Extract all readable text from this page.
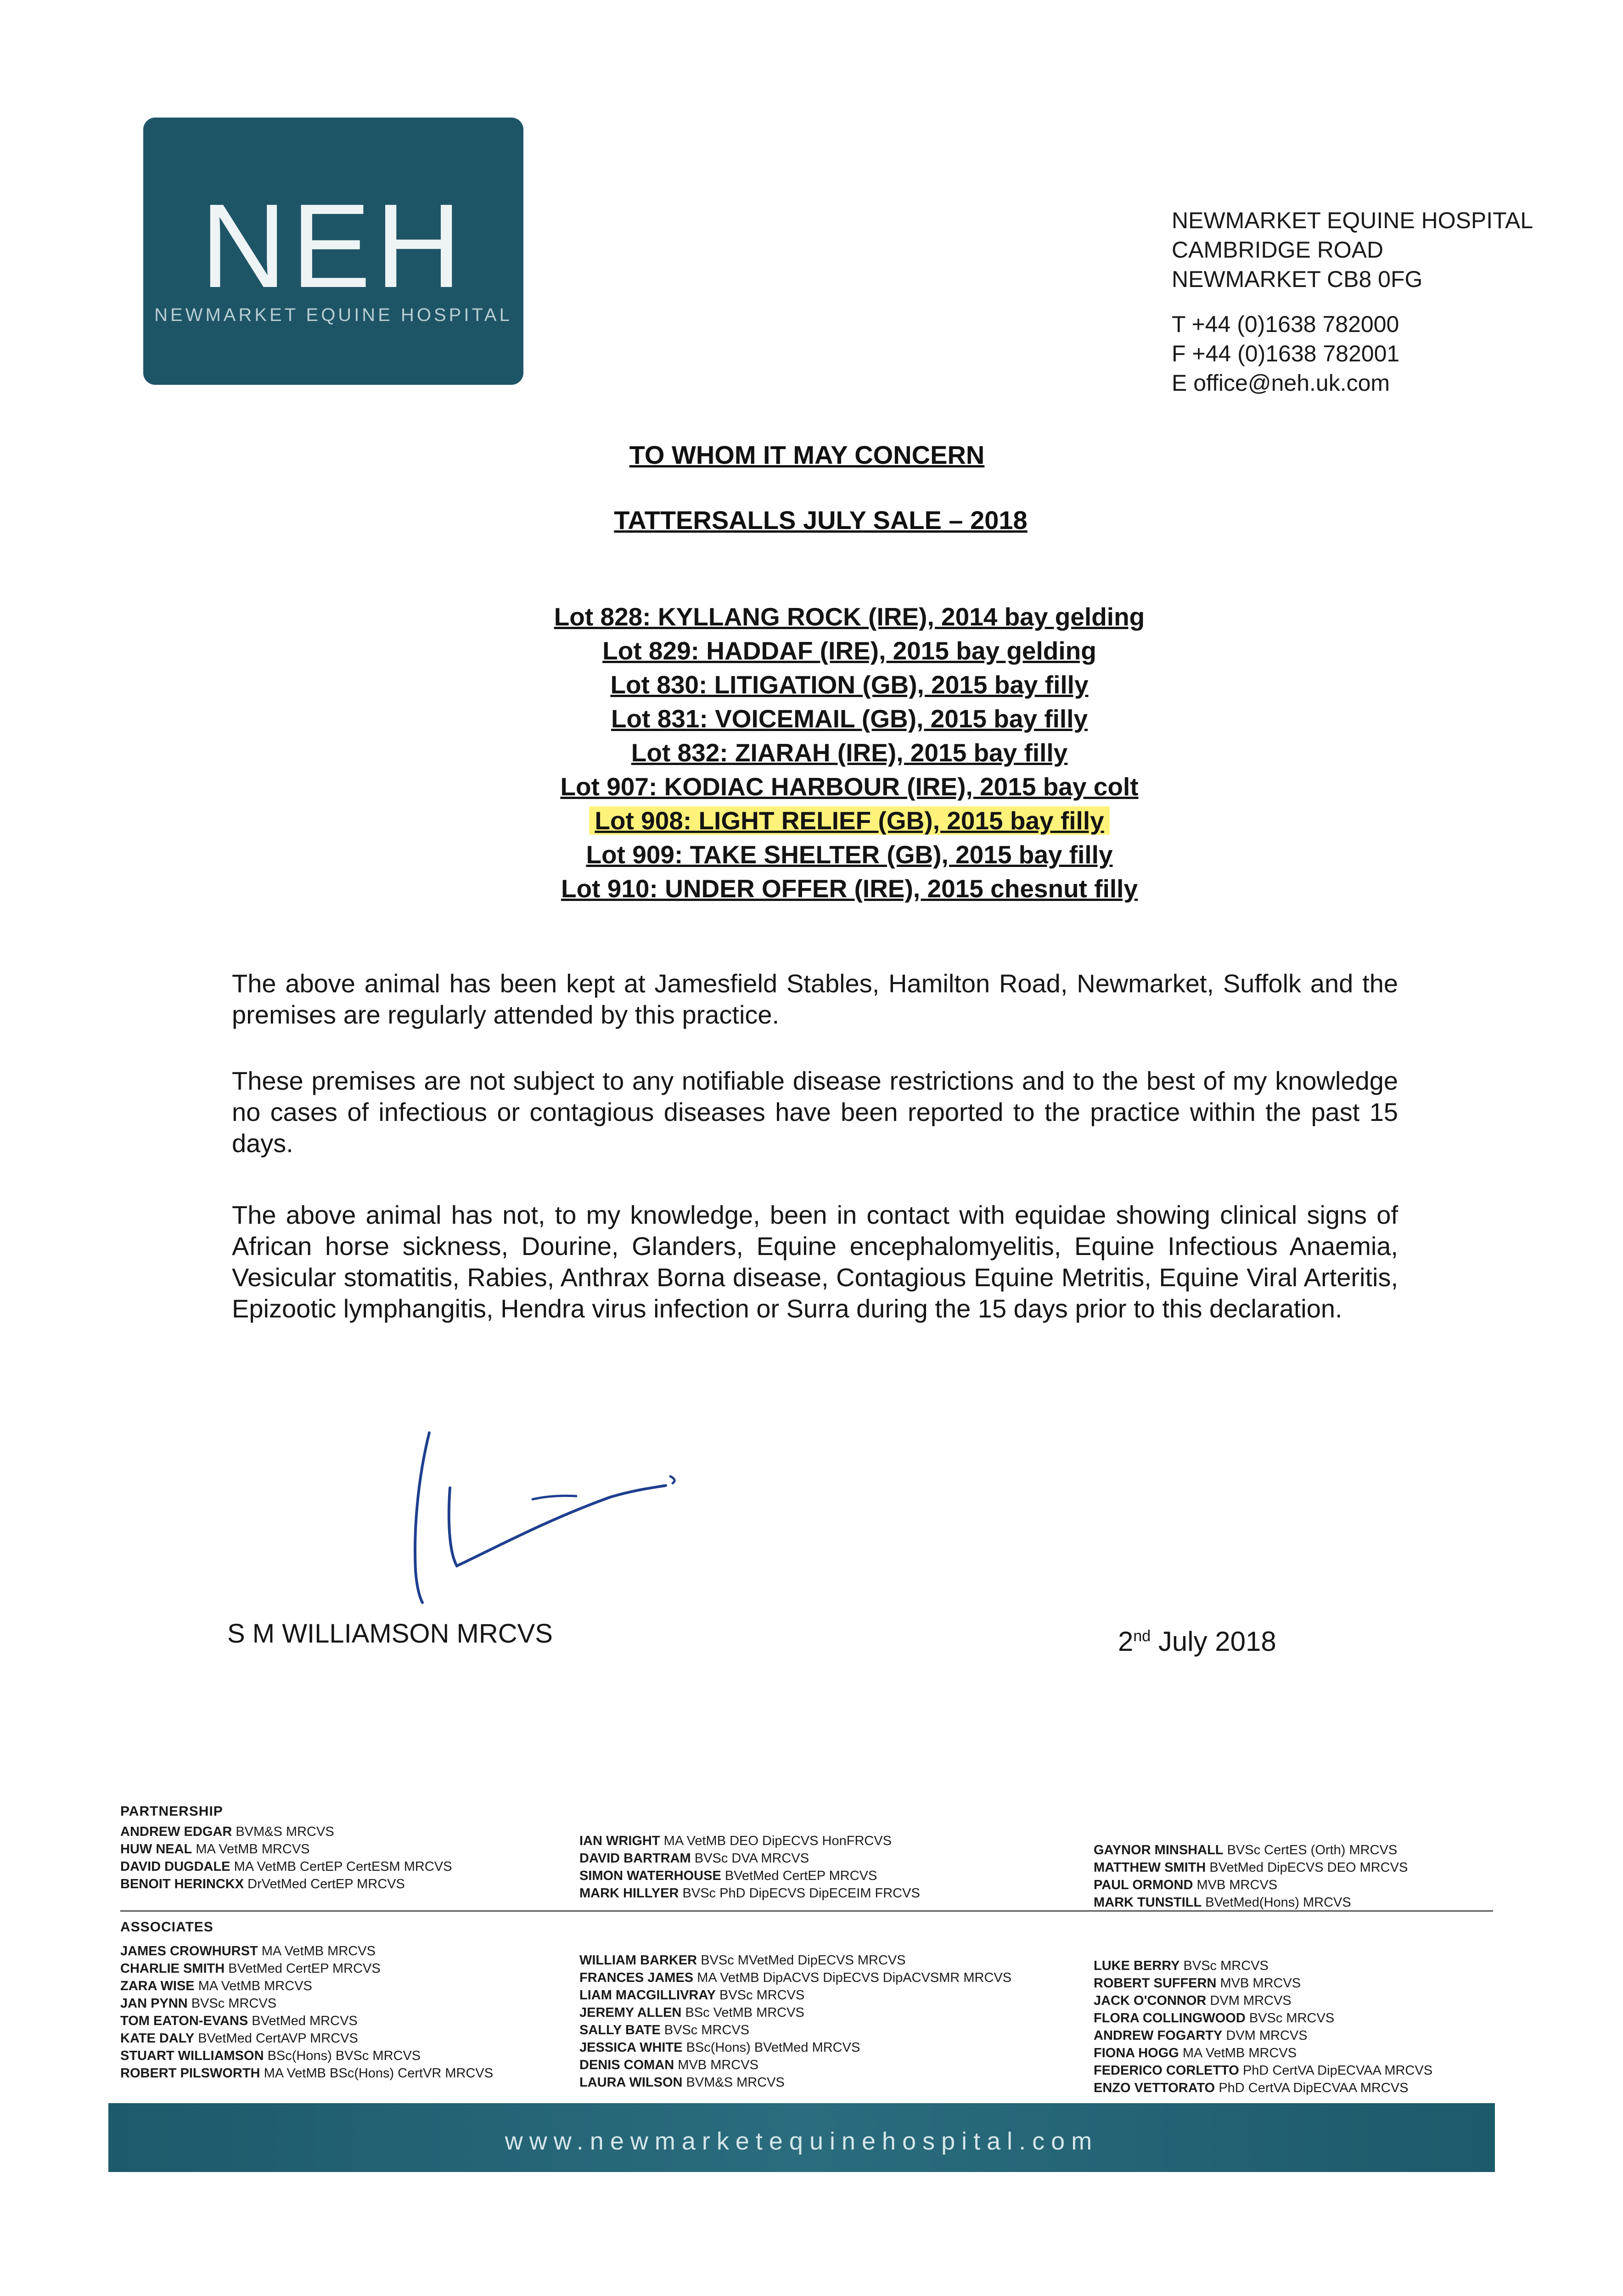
NEH
NEWMARKET EQUINE HOSPITAL
NEWMARKET EQUINE HOSPITAL
CAMBRIDGE ROAD
NEWMARKET CB8 0FG
T +44 (0)1638 782000
F +44 (0)1638 782001
E office@neh.uk.com
TO WHOM IT MAY CONCERN
TATTERSALLS JULY SALE – 2018
Lot 828: KYLLANG ROCK (IRE), 2014 bay gelding
Lot 829: HADDAF (IRE), 2015 bay gelding
Lot 830: LITIGATION (GB), 2015 bay filly
Lot 831: VOICEMAIL (GB), 2015 bay filly
Lot 832: ZIARAH (IRE), 2015 bay filly
Lot 907: KODIAC HARBOUR (IRE), 2015 bay colt
Lot 908: LIGHT RELIEF (GB), 2015 bay filly
Lot 909: TAKE SHELTER (GB), 2015 bay filly
Lot 910: UNDER OFFER (IRE), 2015 chesnut filly
The above animal has been kept at Jamesfield Stables, Hamilton Road, Newmarket, Suffolk and the premises are regularly attended by this practice.
These premises are not subject to any notifiable disease restrictions and to the best of my knowledge no cases of infectious or contagious diseases have been reported to the practice within the past 15 days.
The above animal has not, to my knowledge, been in contact with equidae showing clinical signs of African horse sickness, Dourine, Glanders, Equine encephalomyelitis, Equine Infectious Anaemia, Vesicular stomatitis, Rabies, Anthrax Borna disease, Contagious Equine Metritis, Equine Viral Arteritis, Epizootic lymphangitis, Hendra virus infection or Surra during the 15 days prior to this declaration.
S M WILLIAMSON MRCVS	2nd July 2018
PARTNERSHIP
ANDREW EDGAR BVM&S MRCVS
HUW NEAL MA VetMB MRCVS
DAVID DUGDALE MA VetMB CertEP CertESM MRCVS
BENOIT HERINCKX DrVetMed CertEP MRCVS
IAN WRIGHT MA VetMB DEO DipECVS HonFRCVS
DAVID BARTRAM BVSc DVA MRCVS
SIMON WATERHOUSE BVetMed CertEP MRCVS
MARK HILLYER BVSc PhD DipECVS DipECEIM FRCVS
GAYNOR MINSHALL BVSc CertES (Orth) MRCVS
MATTHEW SMITH BVetMed DipECVS DEO MRCVS
PAUL ORMOND MVB MRCVS
MARK TUNSTILL BVetMed(Hons) MRCVS
ASSOCIATES
JAMES CROWHURST MA VetMB MRCVS
CHARLIE SMITH BVetMed CertEP MRCVS
ZARA WISE MA VetMB MRCVS
JAN PYNN BVSc MRCVS
TOM EATON-EVANS BVetMed MRCVS
KATE DALY BVetMed CertAVP MRCVS
STUART WILLIAMSON BSc(Hons) BVSc MRCVS
ROBERT PILSWORTH MA VetMB BSc(Hons) CertVR MRCVS
WILLIAM BARKER BVSc MVetMed DipECVS MRCVS
FRANCES JAMES MA VetMB DipACVS DipECVS DipACVSMR MRCVS
LIAM MACGILLIVRAY BVSc MRCVS
JEREMY ALLEN BSc VetMB MRCVS
SALLY BATE BVSc MRCVS
JESSICA WHITE BSc(Hons) BVetMed MRCVS
DENIS COMAN MVB MRCVS
LAURA WILSON BVM&S MRCVS
LUKE BERRY BVSc MRCVS
ROBERT SUFFERN MVB MRCVS
JACK O'CONNOR DVM MRCVS
FLORA COLLINGWOOD BVSc MRCVS
ANDREW FOGARTY DVM MRCVS
FIONA HOGG MA VetMB MRCVS
FEDERICO CORLETTO PhD CertVA DipECVAA MRCVS
ENZO VETTORATO PhD CertVA DipECVAA MRCVS
www.newmarketequinehospital.com
